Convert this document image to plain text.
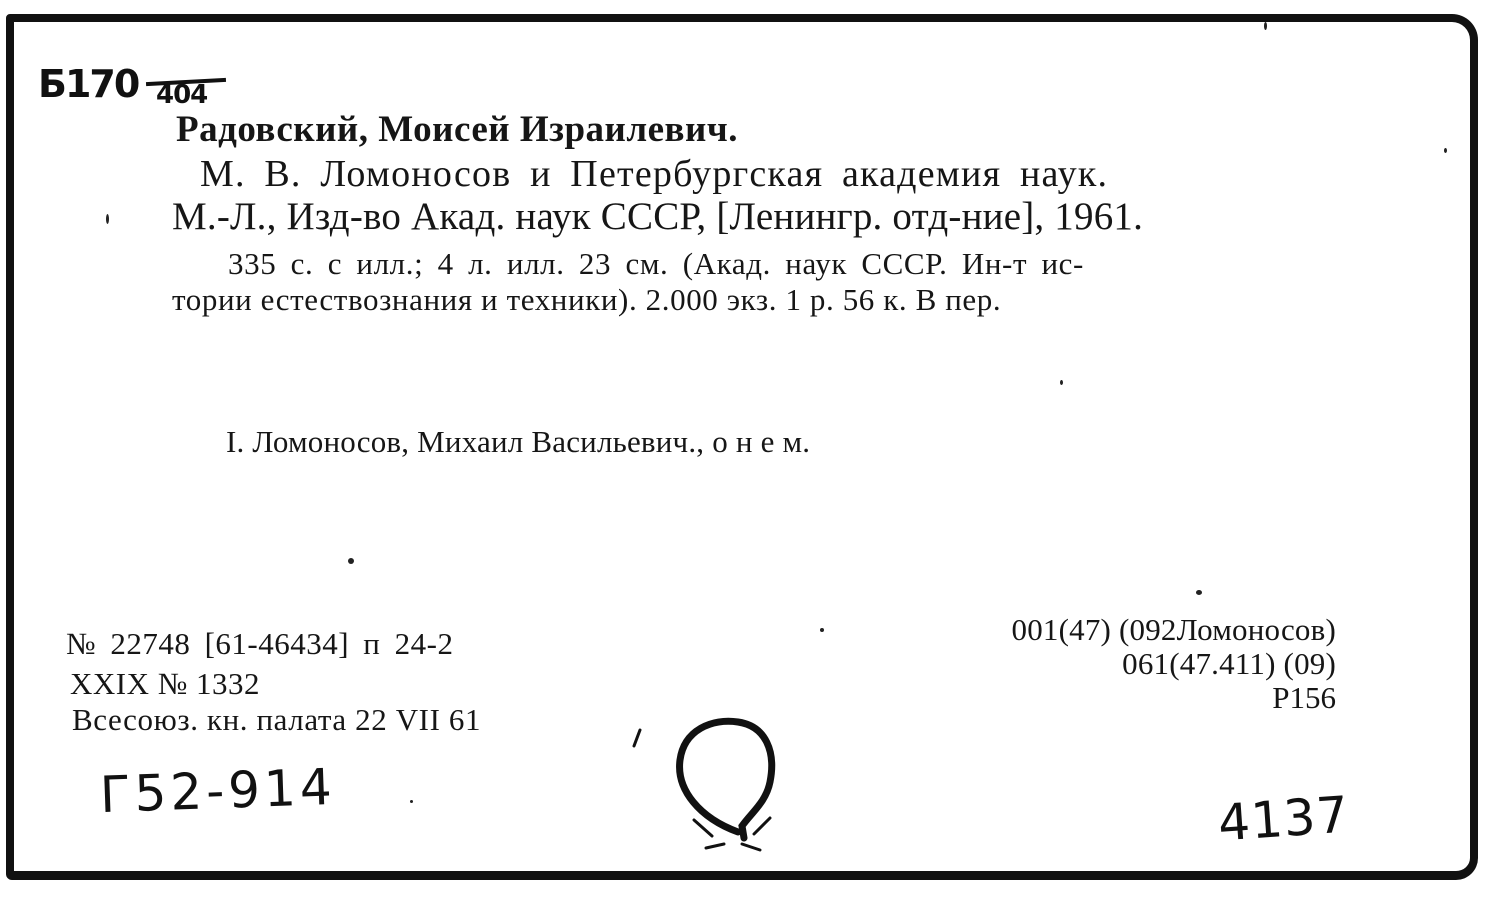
Б170 404
Радовский, Моисей Израилевич.
М. В. Ломоносов и Петербургская академия наук.
М.-Л., Изд-во Акад. наук СССР, [Ленингр. отд-ние], 1961.
335 с. с илл.; 4 л. илл. 23 см. (Акад. наук СССР. Ин-т ис-
тории естествознания и техники). 2.000 экз. 1 р. 56 к. В пер.
I. Ломоносов, Михаил Васильевич., о н е м.
№ 22748 [61-46434] п 24-2
XXIX № 1332
Всесоюз. кн. палата 22 VII 61
001(47) (092Ломоносов)
061(47.411) (09)
Р156
Г52-914	4137
